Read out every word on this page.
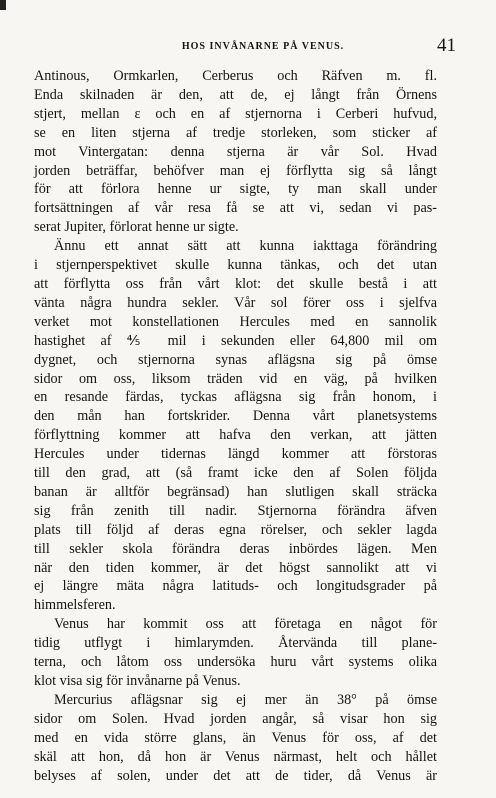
HOS INVÅNARNE PÅ VENUS.	41
Antinous, Ormkarlen, Cerberus och Räfven m. fl.
Enda skilnaden är den, att de, ej långt från Örnens
stjert, mellan ε och en af stjernorna i Cerberi hufvud,
se en liten stjerna af tredje storleken, som sticker af
mot Vintergatan: denna stjerna är vår Sol. Hvad
jorden beträffar, behöfver man ej förflytta sig så långt
för att förlora henne ur sigte, ty man skall under
fortsättningen af vår resa få se att vi, sedan vi pas-
serat Jupiter, förlorat henne ur sigte.
Ännu ett annat sätt att kunna iakttaga förändring
i stjernperspektivet skulle kunna tänkas, och det utan
att förflytta oss från vårt klot: det skulle bestå i att
vänta några hundra sekler. Vår sol förer oss i sjelfva
verket mot konstellationen Hercules med en sannolik
hastighet af ⅘ mil i sekunden eller 64,800 mil om
dygnet, och stjernorna synas aflägsna sig på ömse
sidor om oss, liksom träden vid en väg, på hvilken
en resande färdas, tyckas aflägsna sig från honom, i
den mån han fortskrider. Denna vårt planetsystems
förflyttning kommer att hafva den verkan, att jätten
Hercules under tidernas längd kommer att förstoras
till den grad, att (så framt icke den af Solen följda
banan är alltför begränsad) han slutligen skall sträcka
sig från zenith till nadir. Stjernorna förändra äfven
plats till följd af deras egna rörelser, och sekler lagda
till sekler skola förändra deras inbördes lägen. Men
när den tiden kommer, är det högst sannolikt att vi
ej längre mäta några latituds- och longitudsgrader på
himmelsferen.
Venus har kommit oss att företaga en något för
tidig utflygt i himlarymden. Återvända till plane-
terna, och låtom oss undersöka huru vårt systems olika
klot visa sig för invånarne på Venus.
Mercurius aflägsnar sig ej mer än 38° på ömse
sidor om Solen. Hvad jorden angår, så visar hon sig
med en vida större glans, än Venus för oss, af det
skäl att hon, då hon är Venus närmast, helt och hållet
belyses af solen, under det att de tider, då Venus är
